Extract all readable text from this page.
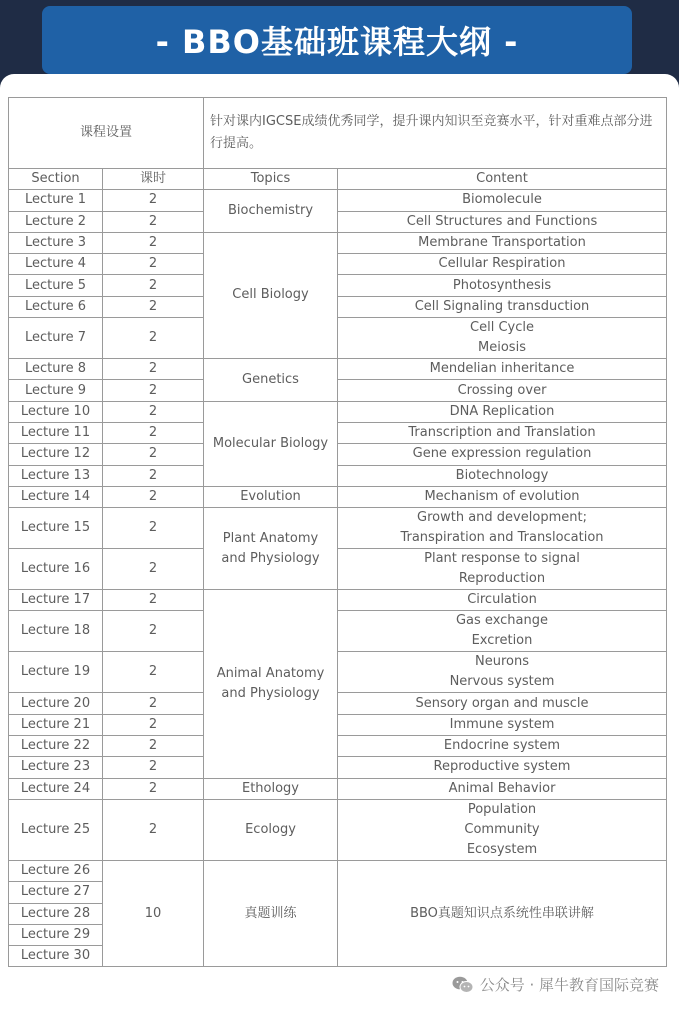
- BBO基础班课程大纲 -
课程设置		针对课内IGCSE成绩优秀同学，提升课内知识至竞赛水平，针对重难点部分进行提高。	
Section	课时	Topics	Content
Lecture 1	2	Biochemistry	Biomolecule
Lecture 2	2		Cell Structures and Functions
Lecture 3	2	Cell Biology	Membrane Transportation
Lecture 4	2		Cellular Respiration
Lecture 5	2		Photosynthesis
Lecture 6	2		Cell Signaling transduction
Lecture 7	2		Cell Cycle
Meiosis

Lecture 8	2	Genetics	Mendelian inheritance
Lecture 9	2		Crossing over
Lecture 10	2	Molecular Biology	DNA Replication
Lecture 11	2		Transcription and Translation
Lecture 12	2		Gene expression regulation
Lecture 13	2		Biotechnology
Lecture 14	2	Evolution	Mechanism of evolution
Lecture 15	2	Plant Anatomy
and Physiology	Growth and development;
Transpiration and Translocation

Lecture 16	2		Plant response to signal
Reproduction

Lecture 17	2	Animal Anatomy
and Physiology	Circulation
Lecture 18	2		Gas exchange
Excretion

Lecture 19	2		Neurons
Nervous system

Lecture 20	2		Sensory organ and muscle
Lecture 21	2		Immune system
Lecture 22	2		Endocrine system
Lecture 23	2		Reproductive system
Lecture 24	2	Ethology	Animal Behavior
Lecture 25	2	Ecology	Population
Community
Ecosystem

Lecture 26	10	真题训练	BBO真题知识点系统性串联讲解
Lecture 27			
Lecture 28			
Lecture 29			
Lecture 30			
公众号 · 犀牛教育国际竞赛
